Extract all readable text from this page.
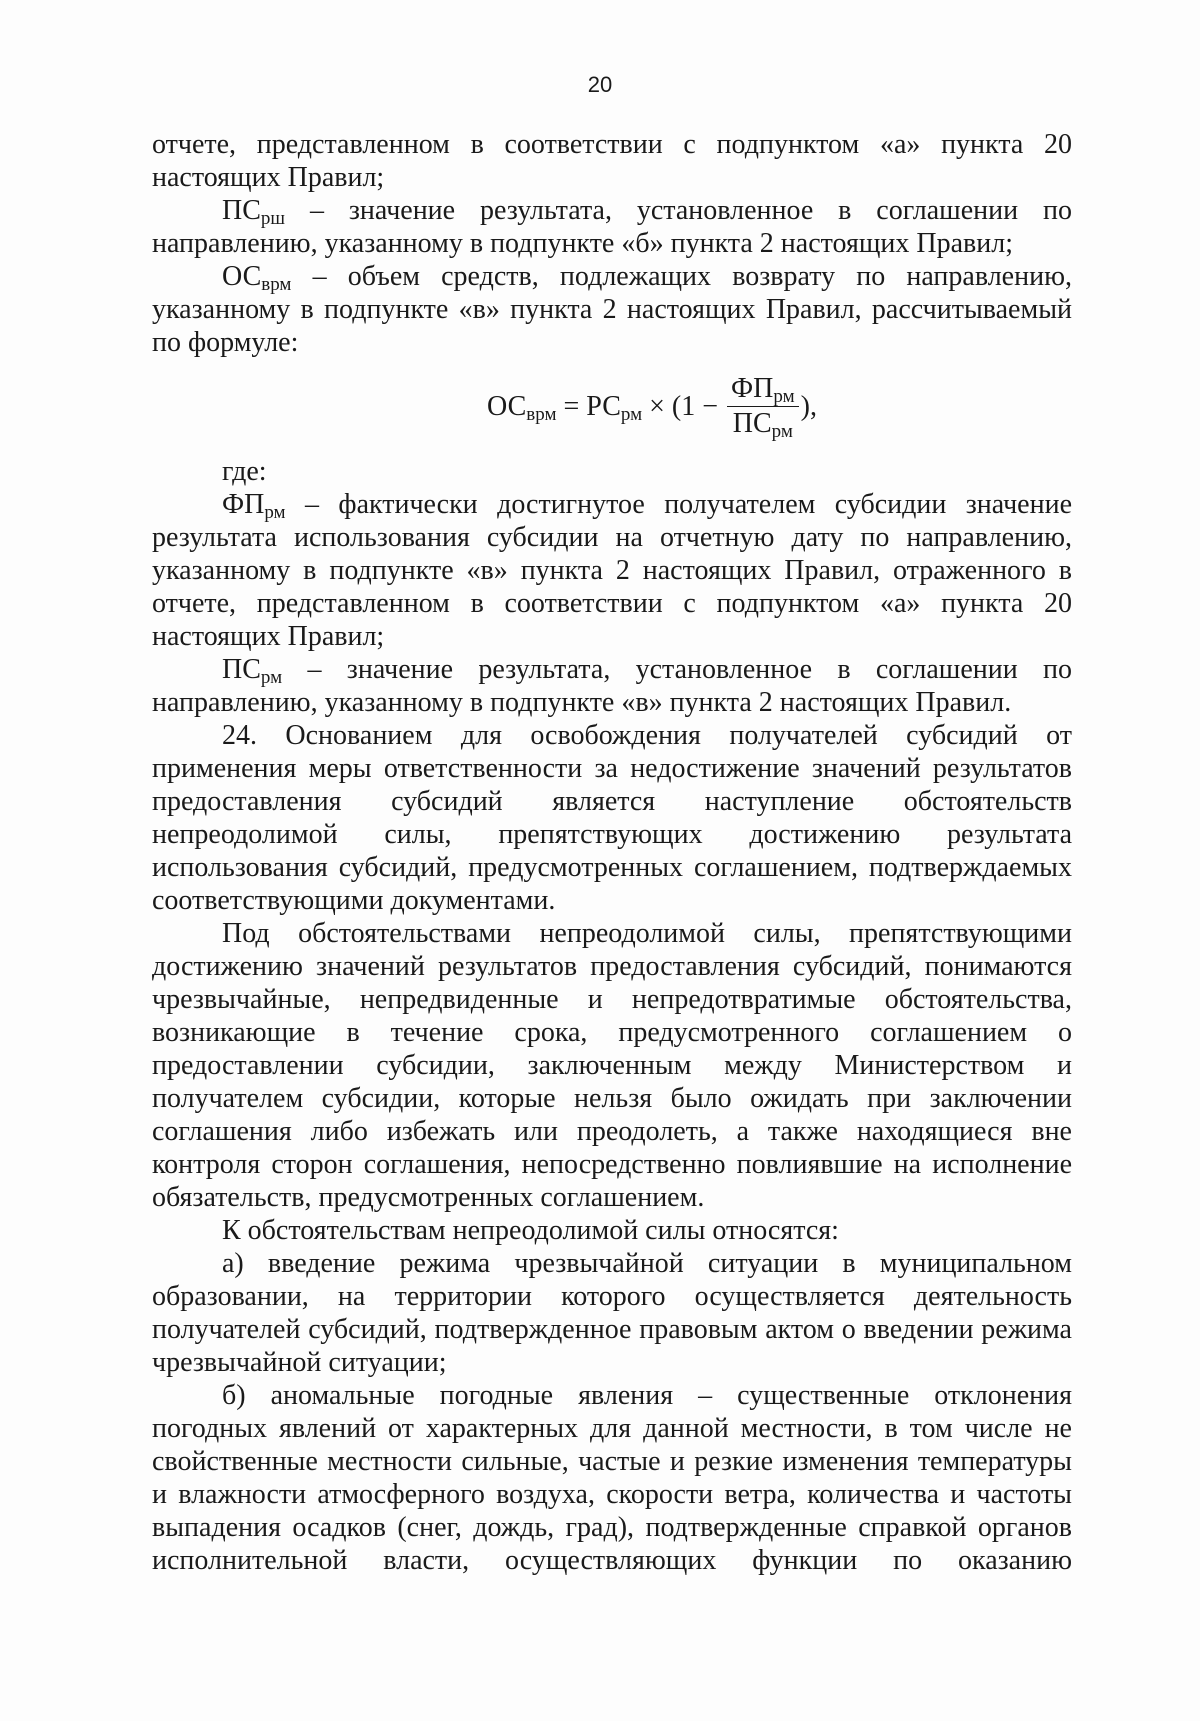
20

отчете, представленном в соответствии с подпунктом «а» пункта 20 настоящих Правил;

$ПС_{рш}$ – значение результата, установленное в соглашении по направлению, указанному в подпункте «б» пункта 2 настоящих Правил;

$ОС_{врм}$ – объем средств, подлежащих возврату по направлению, указанному в подпункте «в» пункта 2 настоящих Правил, рассчитываемый по формуле:

$ОС_{врм} = РС_{рм} \times (1 - \frac{ФП_{рм}}{ПС_{рм}}$ ),

где:

$ФП_{рм}$ – фактически достигнутое получателем субсидии значение результата использования субсидии на отчетную дату по направлению, указанному в подпункте «в» пункта 2 настоящих Правил, отраженного в отчете, представленном в соответствии с подпунктом «а» пункта 20 настоящих Правил;

$ПС_{рм}$ – значение результата, установленное в соглашении по направлению, указанному в подпункте «в» пункта 2 настоящих Правил.

24. Основанием для освобождения получателей субсидий от применения меры ответственности за недостижение значений результатов предоставления субсидий является наступление обстоятельств непреодолимой силы, препятствующих достижению результата использования субсидий, предусмотренных соглашением, подтверждаемых соответствующими документами.

Под обстоятельствами непреодолимой силы, препятствующими достижению значений результатов предоставления субсидий, понимаются чрезвычайные, непредвиденные и непредотвратимые обстоятельства, возникающие в течение срока, предусмотренного соглашением о предоставлении субсидии, заключенным между Министерством и получателем субсидии, которые нельзя было ожидать при заключении соглашения либо избежать или преодолеть, а также находящиеся вне контроля сторон соглашения, непосредственно повлиявшие на исполнение обязательств, предусмотренных соглашением.

К обстоятельствам непреодолимой силы относятся:

а) введение режима чрезвычайной ситуации в муниципальном образовании, на территории которого осуществляется деятельность получателей субсидий, подтвержденное правовым актом о введении режима чрезвычайной ситуации;

б) аномальные погодные явления – существенные отклонения погодных явлений от характерных для данной местности, в том числе не свойственные местности сильные, частые и резкие изменения температуры и влажности атмосферного воздуха, скорости ветра, количества и частоты выпадения осадков (снег, дождь, град), подтвержденные справкой органов исполнительной власти, осуществляющих функции по оказанию
